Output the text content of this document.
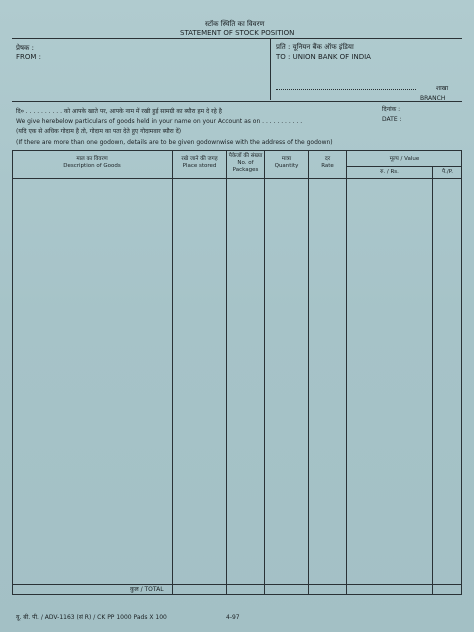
स्टॉक स्थिति का विवरण
STATEMENT OF STOCK POSITION
प्रेषक :
FROM :
प्रति : यूनियन बैंक ऑफ इंडिया
TO : UNION BANK OF INDIA
शाखा
BRANCH
दि० . . . . . . . . . . को आपके खाते पर, आपके नाम में रखी हुई सामग्री का ब्यौरा हम दे रहे है	दिनांक :
We give herebelow particulars of goods held in your name on your Account as on . . . . . . . . . . .	DATE :
(यदि एक से अधिक गोदाम है तो, गोदाम का पता देते हुए गोदामवार ब्यौरा दें)
(If there are more than one godown, details are to be given godownwise with the address of the godown)
माल का विवरण
Description of Goods
रखे जाने की जगह
Place stored
पैकेजों की संख्या
No. of Packages
मात्रा
Quantity
दर
Rate
मूल्य / Value
रु. / Rs.	पै./P.
कुल / TOTAL
यू. बी. पी. / ADV-1163 (सं R) / CK PP 1000 Pads X 100	4-97
